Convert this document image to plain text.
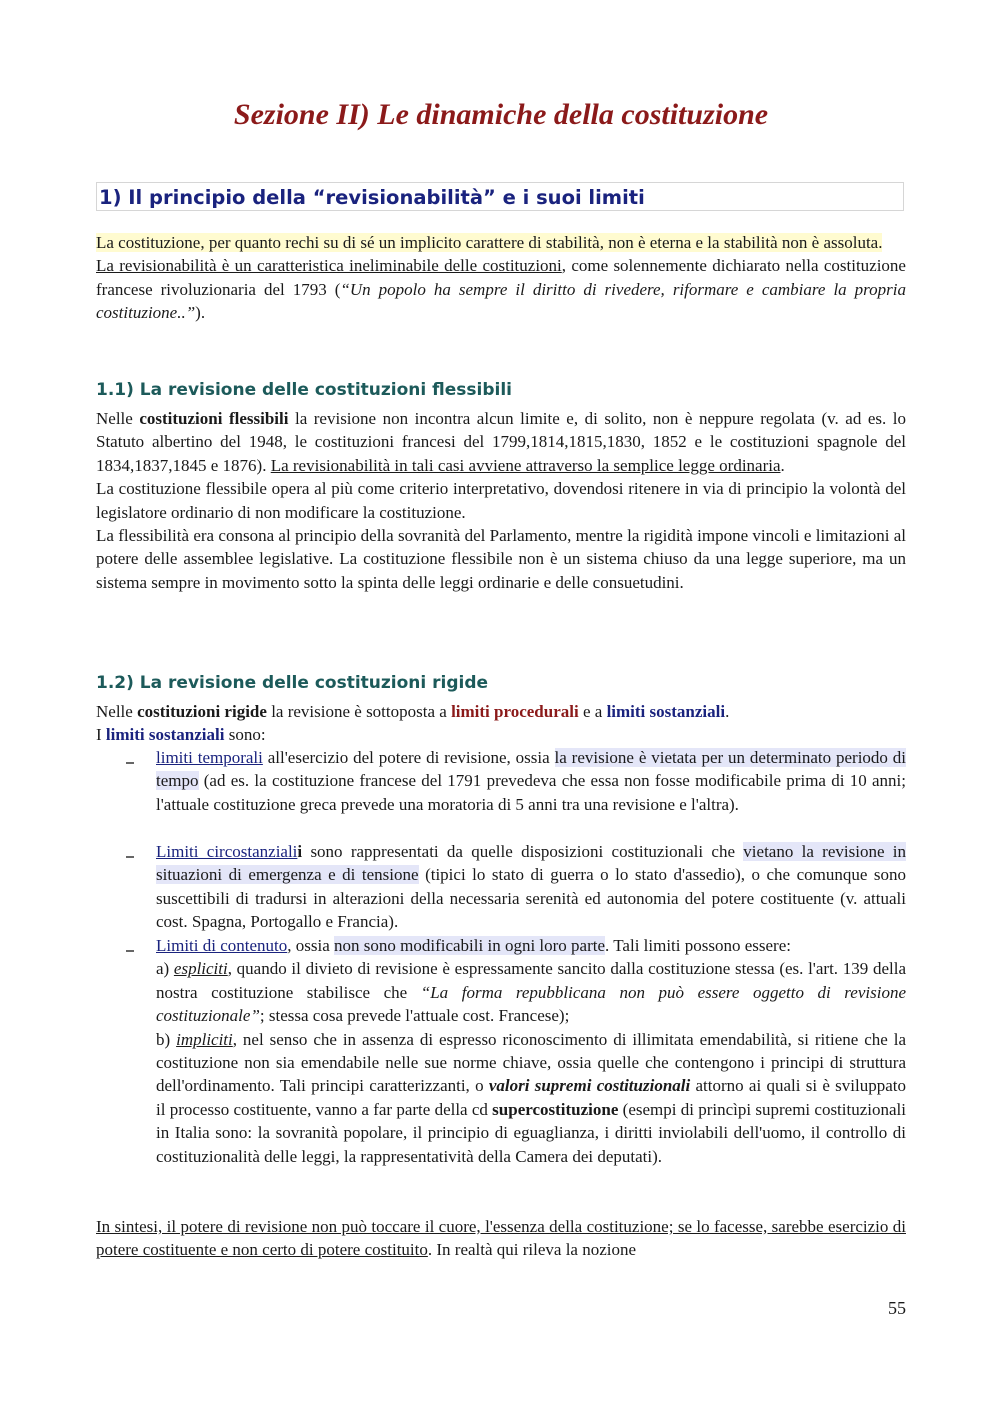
Sezione II) Le dinamiche della costituzione
1) Il principio della “revisionabilità” e i suoi limiti

La costituzione, per quanto rechi su di sé un implicito carattere di stabilità, non è eterna e la stabilità non è assoluta.

La revisionabilità è un caratteristica ineliminabile delle costituzioni, come solennemente dichiarato nella costituzione francese rivoluzionaria del 1793 (“Un popolo ha sempre il diritto di rivedere, riformare e cambiare la propria costituzione..”).

1.1) La revisione delle costituzioni flessibili

Nelle costituzioni flessibili la revisione non incontra alcun limite e, di solito, non è neppure regolata (v. ad es. lo Statuto albertino del 1948, le costituzioni francesi del 1799,1814,1815,1830, 1852 e le costituzioni spagnole del 1834,1837,1845 e 1876). La revisionabilità in tali casi avviene attraverso la semplice legge ordinaria.

La costituzione flessibile opera al più come criterio interpretativo, dovendosi ritenere in via di principio la volontà del legislatore ordinario di non modificare la costituzione.

La flessibilità era consona al principio della sovranità del Parlamento, mentre la rigidità impone vincoli e limitazioni al potere delle assemblee legislative. La costituzione flessibile non è un sistema chiuso da una legge superiore, ma un sistema sempre in movimento sotto la spinta delle leggi ordinarie e delle consuetudini.

1.2) La revisione delle costituzioni rigide

Nelle costituzioni rigide la revisione è sottoposta a limiti procedurali e a limiti sostanziali.

I limiti sostanziali sono:

limiti temporali all'esercizio del potere di revisione, ossia la revisione è vietata per un determinato periodo di tempo (ad es. la costituzione francese del 1791 prevedeva che essa non fosse modificabile prima di 10 anni; l'attuale costituzione greca prevede una moratoria di 5 anni tra una revisione e l'altra).

Limiti circostanzialii sono rappresentati da quelle disposizioni costituzionali che vietano la revisione in situazioni di emergenza e di tensione (tipici lo stato di guerra o lo stato d'assedio), o che comunque sono suscettibili di tradursi in alterazioni della necessaria serenità ed autonomia del potere costituente (v. attuali cost. Spagna, Portogallo e Francia).

Limiti di contenuto, ossia non sono modificabili in ogni loro parte. Tali limiti possono essere:

a) espliciti, quando il divieto di revisione è espressamente sancito dalla costituzione stessa (es. l'art. 139 della nostra costituzione stabilisce che “La forma repubblicana non può essere oggetto di revisione costituzionale”; stessa cosa prevede l'attuale cost. Francese);

b) impliciti, nel senso che in assenza di espresso riconoscimento di illimitata emendabilità, si ritiene che la costituzione non sia emendabile nelle sue norme chiave, ossia quelle che contengono i principi di struttura dell'ordinamento. Tali principi caratterizzanti, o valori supremi costituzionali attorno ai quali si è sviluppato il processo costituente, vanno a far parte della cd supercostituzione (esempi di princìpi supremi costituzionali in Italia sono: la sovranità popolare, il principio di eguaglianza, i diritti inviolabili dell'uomo, il controllo di costituzionalità delle leggi, la rappresentatività della Camera dei deputati).

In sintesi, il potere di revisione non può toccare il cuore, l'essenza della costituzione; se lo facesse, sarebbe esercizio di potere costituente e non certo di potere costituito. In realtà qui rileva la nozione

55
